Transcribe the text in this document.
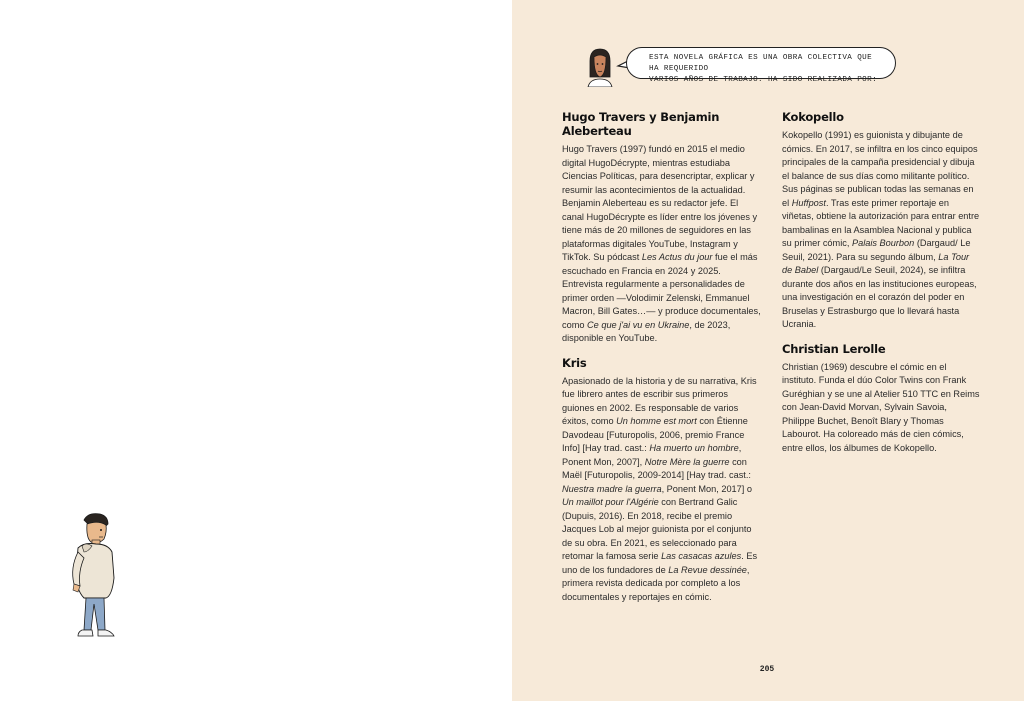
ESTA NOVELA GRÁFICA ES UNA OBRA COLECTIVA QUE HA REQUERIDO
VARIOS AÑOS DE TRABAJO. HA SIDO REALIZADA POR:
Hugo Travers y Benjamin Aleberteau

Hugo Travers (1997) fundó en 2015 el medio digital HugoDécrypte, mientras estudiaba Ciencias Políticas, para desencriptar, explicar y resumir las acontecimientos de la actualidad. Benjamin Aleberteau es su redactor jefe. El canal HugoDécrypte es líder entre los jóvenes y tiene más de 20 millones de seguidores en las plataformas digitales YouTube, Instagram y TikTok. Su pódcast Les Actus du jour fue el más escuchado en Francia en 2024 y 2025. Entrevista regularmente a personalidades de primer orden —Volodimir Zelenski, Emmanuel Macron, Bill Gates…— y produce documentales, como Ce que j'ai vu en Ukraine, de 2023, disponible en YouTube.

Kris

Apasionado de la historia y de su narrativa, Kris fue librero antes de escribir sus primeros guiones en 2002. Es responsable de varios éxitos, como Un homme est mort con Étienne Davodeau [Futuropolis, 2006, premio France Info] [Hay trad. cast.: Ha muerto un hombre, Ponent Mon, 2007], Notre Mère la guerre con Maël [Futuropolis, 2009-2014] [Hay trad. cast.: Nuestra madre la guerra, Ponent Mon, 2017] o Un maillot pour l'Algérie con Bertrand Galic (Dupuis, 2016). En 2018, recibe el premio Jacques Lob al mejor guionista por el conjunto de su obra. En 2021, es seleccionado para retomar la famosa serie Las casacas azules. Es uno de los fundadores de La Revue dessinée, primera revista dedicada por completo a los documentales y reportajes en cómic.

Kokopello

Kokopello (1991) es guionista y dibujante de cómics. En 2017, se infiltra en los cinco equipos principales de la campaña presidencial y dibuja el balance de sus días como militante político. Sus páginas se publican todas las semanas en el Huffpost. Tras este primer reportaje en viñetas, obtiene la autorización para entrar entre bambalinas en la Asamblea Nacional y publica su primer cómic, Palais Bourbon (Dargaud/ Le Seuil, 2021). Para su segundo álbum, La Tour de Babel (Dargaud/Le Seuil, 2024), se infiltra durante dos años en las instituciones europeas, una investigación en el corazón del poder en Bruselas y Estrasburgo que lo llevará hasta Ucrania.

Christian Lerolle

Christian (1969) descubre el cómic en el instituto. Funda el dúo Color Twins con Frank Guréghian y se une al Atelier 510 TTC en Reims con Jean-David Morvan, Sylvain Savoia, Philippe Buchet, Benoît Blary y Thomas Labourot. Ha coloreado más de cien cómics, entre ellos, los álbumes de Kokopello.

205
